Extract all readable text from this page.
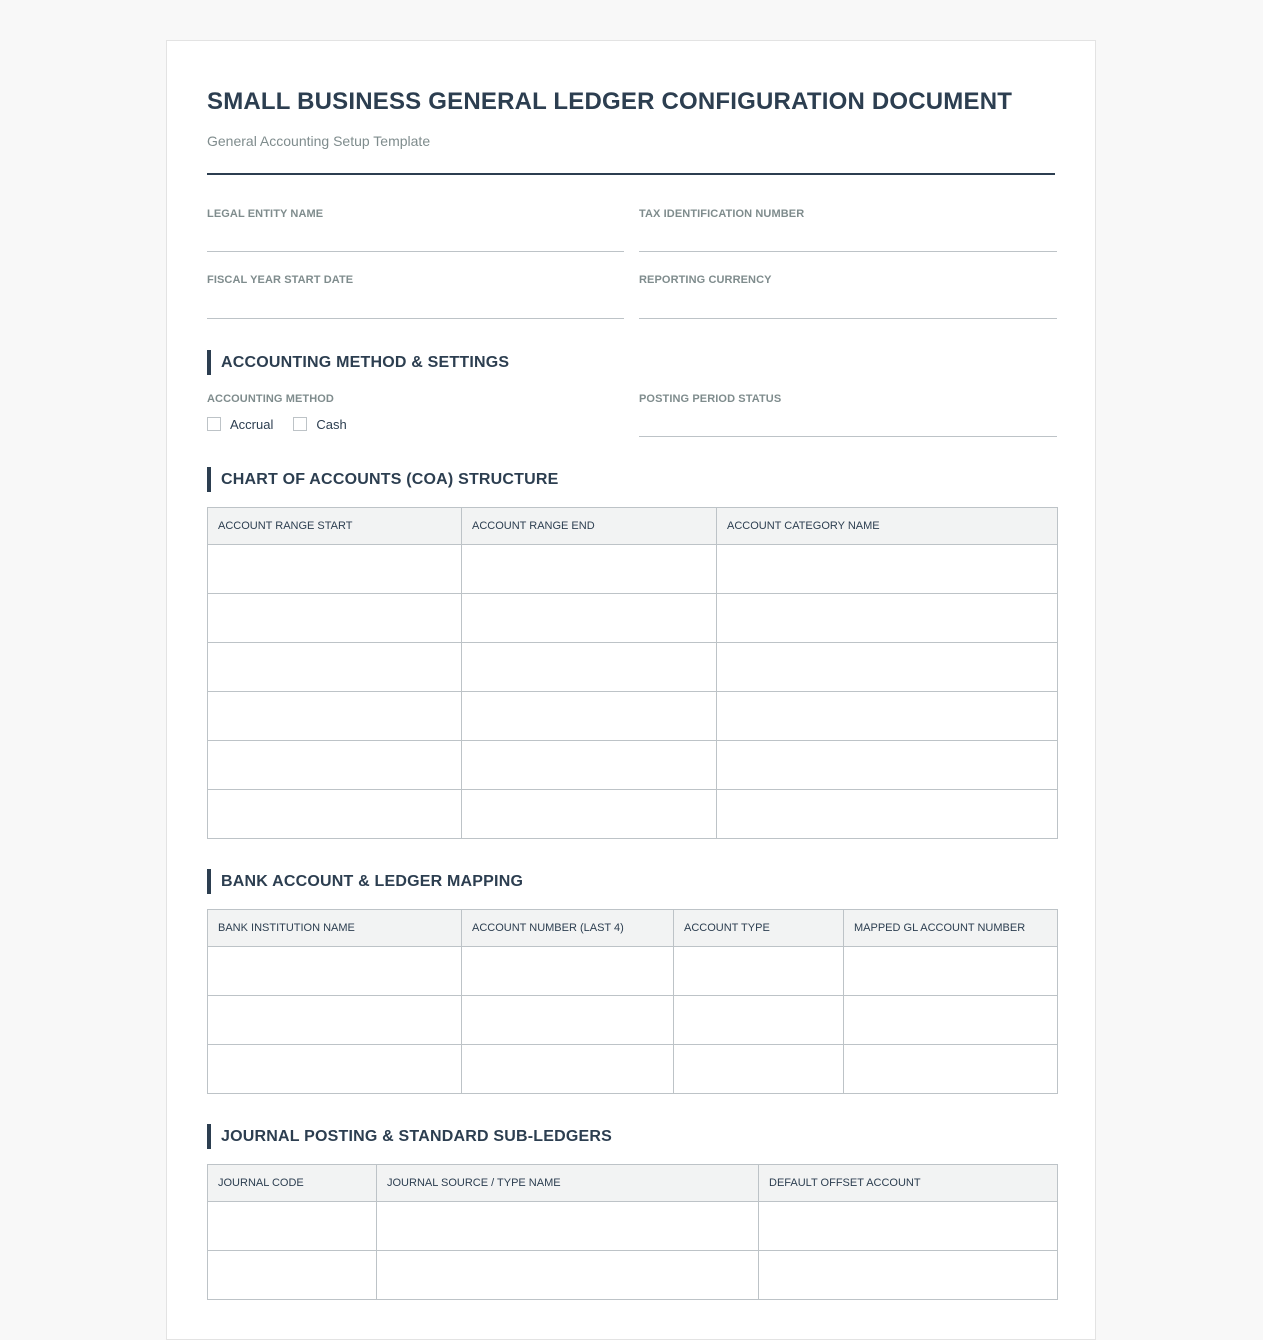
SMALL BUSINESS GENERAL LEDGER CONFIGURATION DOCUMENT
General Accounting Setup Template
LEGAL ENTITY NAME	TAX IDENTIFICATION NUMBER
FISCAL YEAR START DATE	REPORTING CURRENCY
ACCOUNTING METHOD & SETTINGS
ACCOUNTING METHOD
Accrual	Cash
POSTING PERIOD STATUS
CHART OF ACCOUNTS (COA) STRUCTURE
ACCOUNT RANGE START	ACCOUNT RANGE END	ACCOUNT CATEGORY NAME

BANK ACCOUNT & LEDGER MAPPING
BANK INSTITUTION NAME	ACCOUNT NUMBER (LAST 4)	ACCOUNT TYPE	MAPPED GL ACCOUNT NUMBER

JOURNAL POSTING & STANDARD SUB-LEDGERS
JOURNAL CODE	JOURNAL SOURCE / TYPE NAME	DEFAULT OFFSET ACCOUNT
